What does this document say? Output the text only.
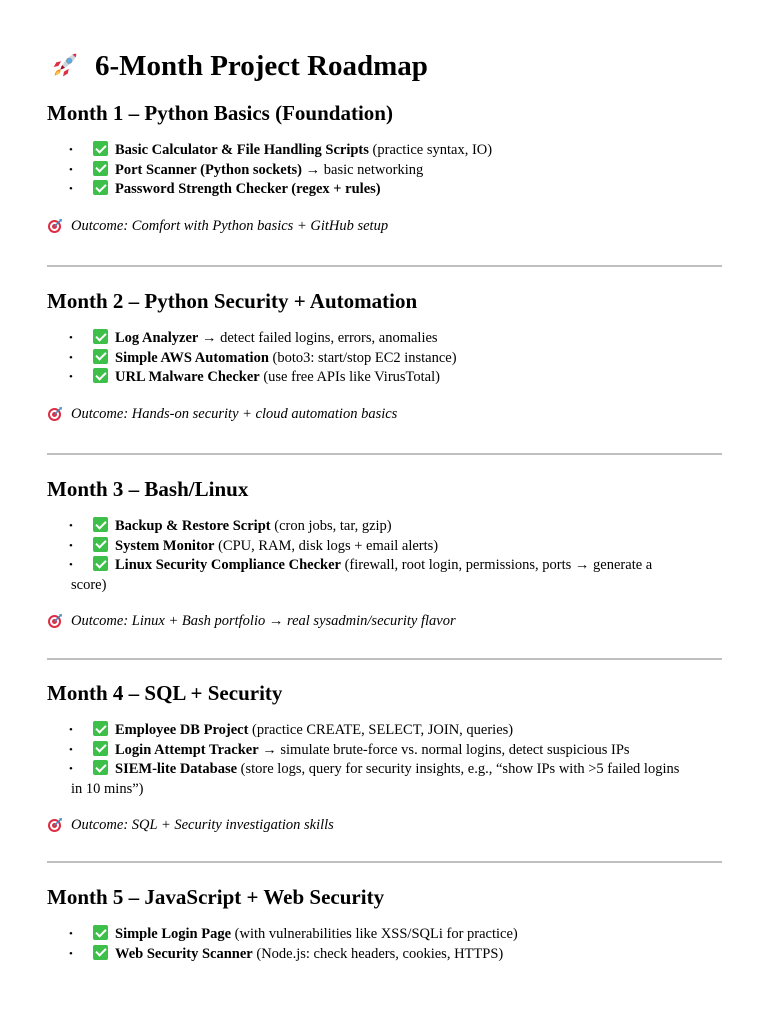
6-Month Project Roadmap
Month 1 – Python Basics (Foundation)
•	Basic Calculator & File Handling Scripts (practice syntax, IO)
•	Port Scanner (Python sockets) → basic networking
•	Password Strength Checker (regex + rules)
Outcome: Comfort with Python basics + GitHub setup
Month 2 – Python Security + Automation
•	Log Analyzer → detect failed logins, errors, anomalies
•	Simple AWS Automation (boto3: start/stop EC2 instance)
•	URL Malware Checker (use free APIs like VirusTotal)
Outcome: Hands-on security + cloud automation basics
Month 3 – Bash/Linux
•	Backup & Restore Script (cron jobs, tar, gzip)
•	System Monitor (CPU, RAM, disk logs + email alerts)
•	Linux Security Compliance Checker (firewall, root login, permissions, ports → generate a
score)
Outcome: Linux + Bash portfolio → real sysadmin/security flavor
Month 4 – SQL + Security
•	Employee DB Project (practice CREATE, SELECT, JOIN, queries)
•	Login Attempt Tracker → simulate brute-force vs. normal logins, detect suspicious IPs
•	SIEM-lite Database (store logs, query for security insights, e.g., “show IPs with >5 failed logins
in 10 mins”)
Outcome: SQL + Security investigation skills
Month 5 – JavaScript + Web Security
•	Simple Login Page (with vulnerabilities like XSS/SQLi for practice)
•	Web Security Scanner (Node.js: check headers, cookies, HTTPS)
